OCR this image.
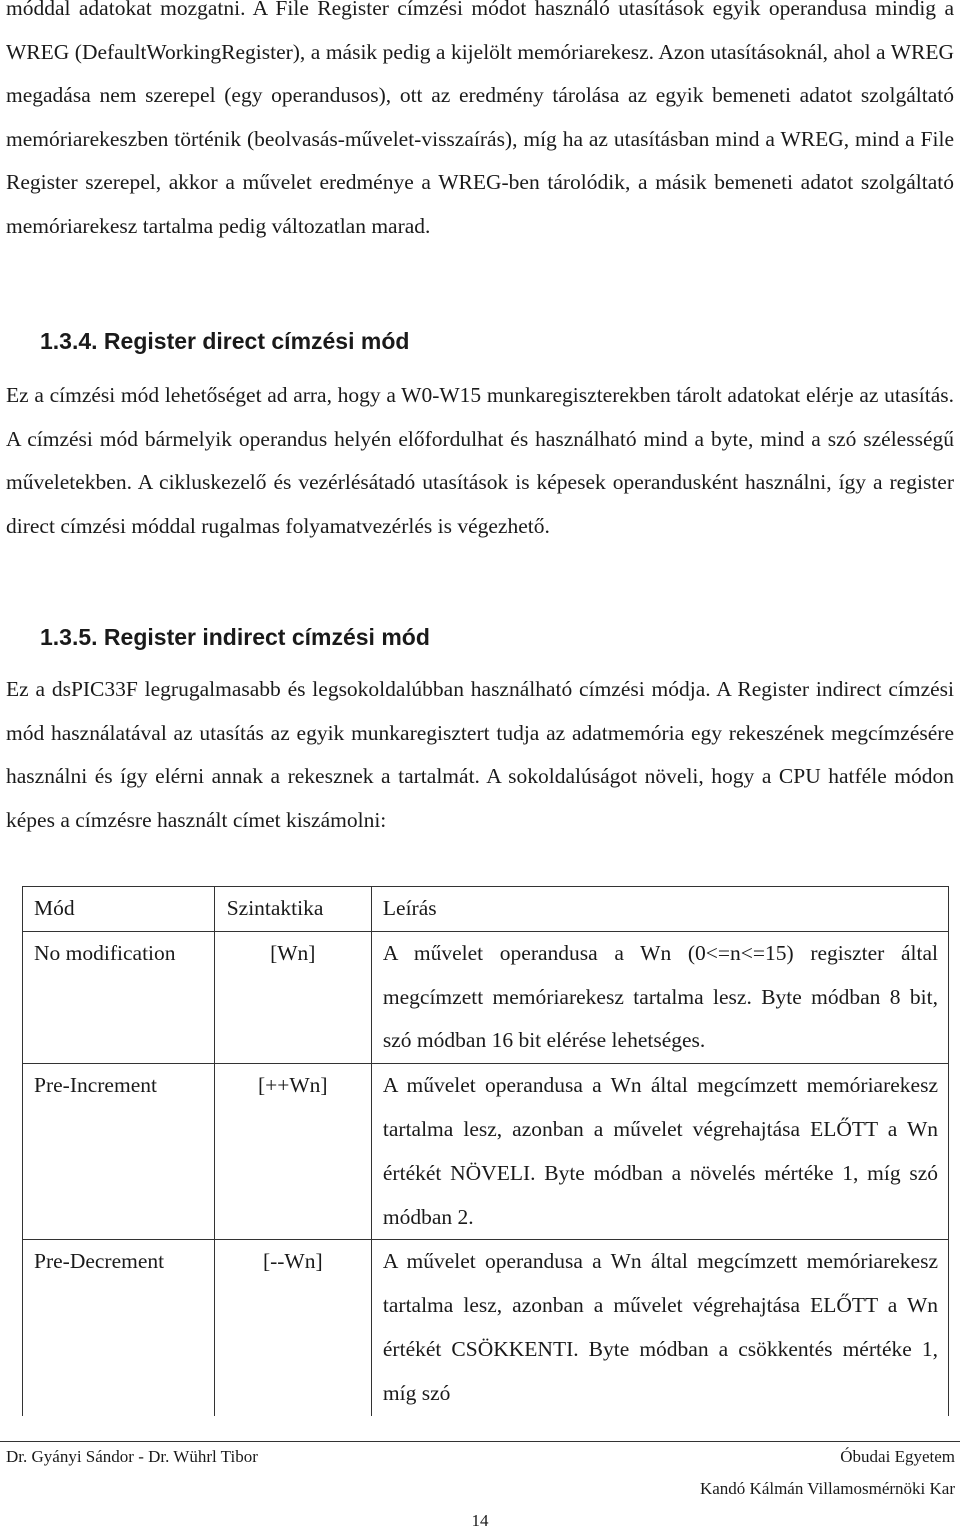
móddal adatokat mozgatni. A File Register címzési módot használó utasítások egyik operandusa mindig a WREG (DefaultWorkingRegister), a másik pedig a kijelölt memóriarekesz. Azon utasításoknál, ahol a WREG megadása nem szerepel (egy operandusos), ott az eredmény tárolása az egyik bemeneti adatot szolgáltató memóriarekeszben történik (beolvasás-művelet-visszaírás), míg ha az utasításban mind a WREG, mind a File Register szerepel, akkor a művelet eredménye a WREG-ben tárolódik, a másik bemeneti adatot szolgáltató memóriarekesz tartalma pedig változatlan marad.

1.3.4. Register direct címzési mód

Ez a címzési mód lehetőséget ad arra, hogy a W0-W15 munkaregiszterekben tárolt adatokat elérje az utasítás. A címzési mód bármelyik operandus helyén előfordulhat és használható mind a byte, mind a szó szélességű műveletekben. A cikluskezelő és vezérlésátadó utasítások is képesek operandusként használni, így a register direct címzési móddal rugalmas folyamatvezérlés is végezhető.

1.3.5. Register indirect címzési mód

Ez a dsPIC33F legrugalmasabb és legsokoldalúbban használható címzési módja. A Register indirect címzési mód használatával az utasítás az egyik munkaregisztert tudja az adatmemória egy rekeszének megcímzésére használni és így elérni annak a rekesznek a tartalmát. A sokoldalúságot növeli, hogy a CPU hatféle módon képes a címzésre használt címet kiszámolni:

Mód	Szintaktika	Leírás
No modification	[Wn]	A művelet operandusa a Wn (0<=n<=15) regiszter által megcímzett memóriarekesz tartalma lesz. Byte módban 8 bit, szó módban 16 bit elérése lehetséges.
Pre-Increment	[++Wn]	A művelet operandusa a Wn által megcímzett memóriarekesz tartalma lesz, azonban a művelet végrehajtása ELŐTT a Wn értékét NÖVELI. Byte módban a növelés mértéke 1, míg szó módban 2.
Pre-Decrement	[--Wn]	A művelet operandusa a Wn által megcímzett memóriarekesz tartalma lesz, azonban a művelet végrehajtása ELŐTT a Wn értékét CSÖKKENTI. Byte módban a csökkentés mértéke 1, míg szó
Dr. Gyányi Sándor - Dr. Wührl Tibor	Óbudai Egyetem
Kandó Kálmán Villamosmérnöki Kar
14
